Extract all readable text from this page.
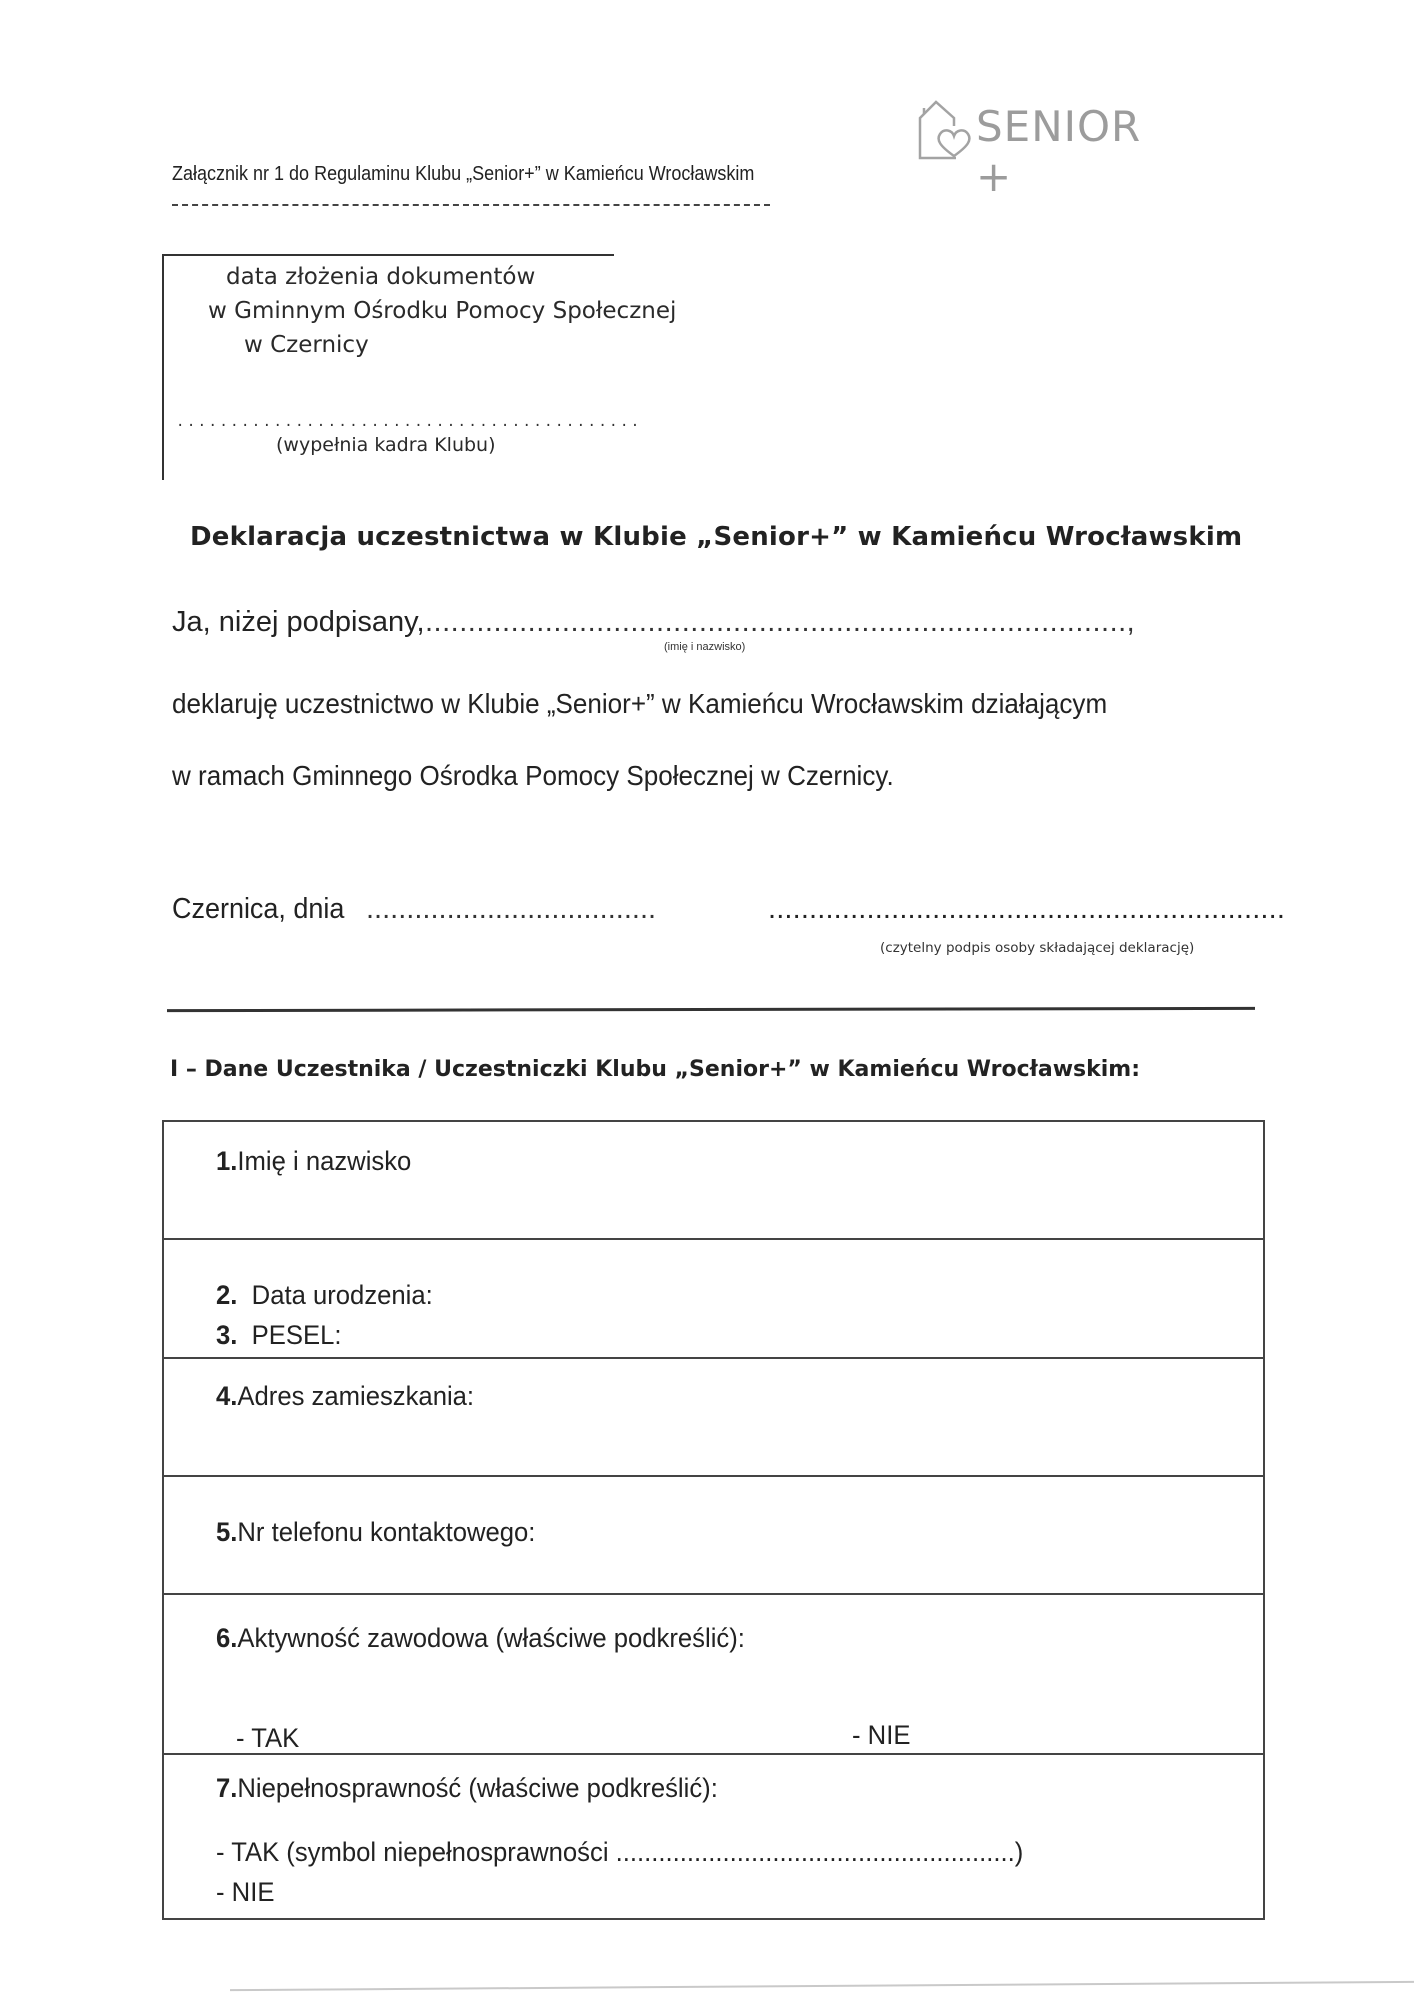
SENIOR +
Załącznik nr 1 do Regulaminu Klubu „Senior+” w Kamieńcu Wrocławskim
data złożenia dokumentów
w Gminnym Ośrodku Pomocy Społecznej
w Czernicy
...........................................
(wypełnia kadra Klubu)
Deklaracja uczestnictwa w Klubie „Senior+” w Kamieńcu Wrocławskim
Ja, niżej podpisany, ..................................................................................,
(imię i nazwisko)
deklaruję uczestnictwo w Klubie „Senior+” w Kamieńcu Wrocławskim działającym
w ramach Gminnego Ośrodka Pomocy Społecznej w Czernicy.
Czernica, dnia ....................................	...............................................................
(czytelny podpis osoby składającej deklarację)
I – Dane Uczestnika / Uczestniczki Klubu „Senior+” w Kamieńcu Wrocławskim:
1.Imię i nazwisko
2. Data urodzenia:
3. PESEL:
4.Adres zamieszkania:
5.Nr telefonu kontaktowego:
6.Aktywność zawodowa (właściwe podkreślić):
- TAK	- NIE
7.Niepełnosprawność (właściwe podkreślić):
- TAK (symbol niepełnosprawności ........................................................)
- NIE
